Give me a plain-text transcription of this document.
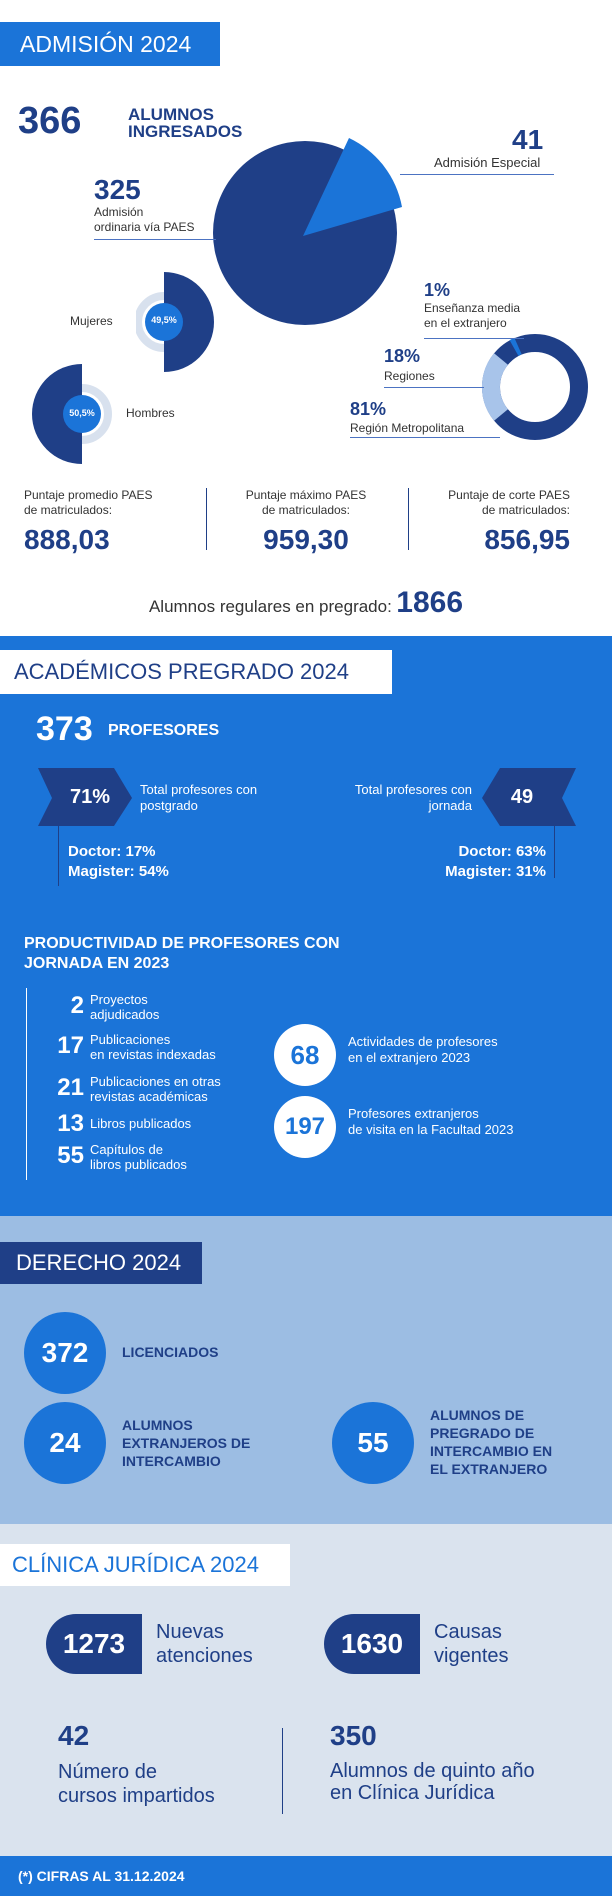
ADMISIÓN 2024
366	ALUMNOS
INGRESADOS	41
Admisión Especial
325
Admisión
ordinaria vía PAES
49,5%
Mujeres
50,5%	Hombres
1%
Enseñanza media
en el extranjero
18%
Regiones
81%
Región Metropolitana
Puntaje promedio PAES
de matriculados:
888,03
Puntaje máximo PAES
de matriculados:
959,30
Puntaje de corte PAES
de matriculados:
856,95
Alumnos regulares en pregrado: 1866
ACADÉMICOS PREGRADO 2024
373 PROFESORES
71%	Total profesores con
postgrado
Doctor: 17%
Magister: 54%
49
Total profesores con
jornada
Doctor: 63%
Magister: 31%
PRODUCTIVIDAD DE PROFESORES CON
JORNADA EN 2023
2 Proyectos
adjudicados
17 Publicaciones
en revistas indexadas
21 Publicaciones en otras
revistas académicas
13 Libros publicados
55 Capítulos de
libros publicados
68	Actividades de profesores
en el extranjero 2023
197	Profesores extranjeros
de visita en la Facultad 2023
DERECHO 2024
372	LICENCIADOS
24
ALUMNOS
EXTRANJEROS DE
INTERCAMBIO
55
ALUMNOS DE
PREGRADO DE
INTERCAMBIO EN
EL EXTRANJERO
CLÍNICA JURÍDICA 2024
1273	Nuevas
atenciones	1630	Causas
vigentes
42
Número de
cursos impartidos
350
Alumnos de quinto año
en Clínica Jurídica
(*) CIFRAS AL 31.12.2024
